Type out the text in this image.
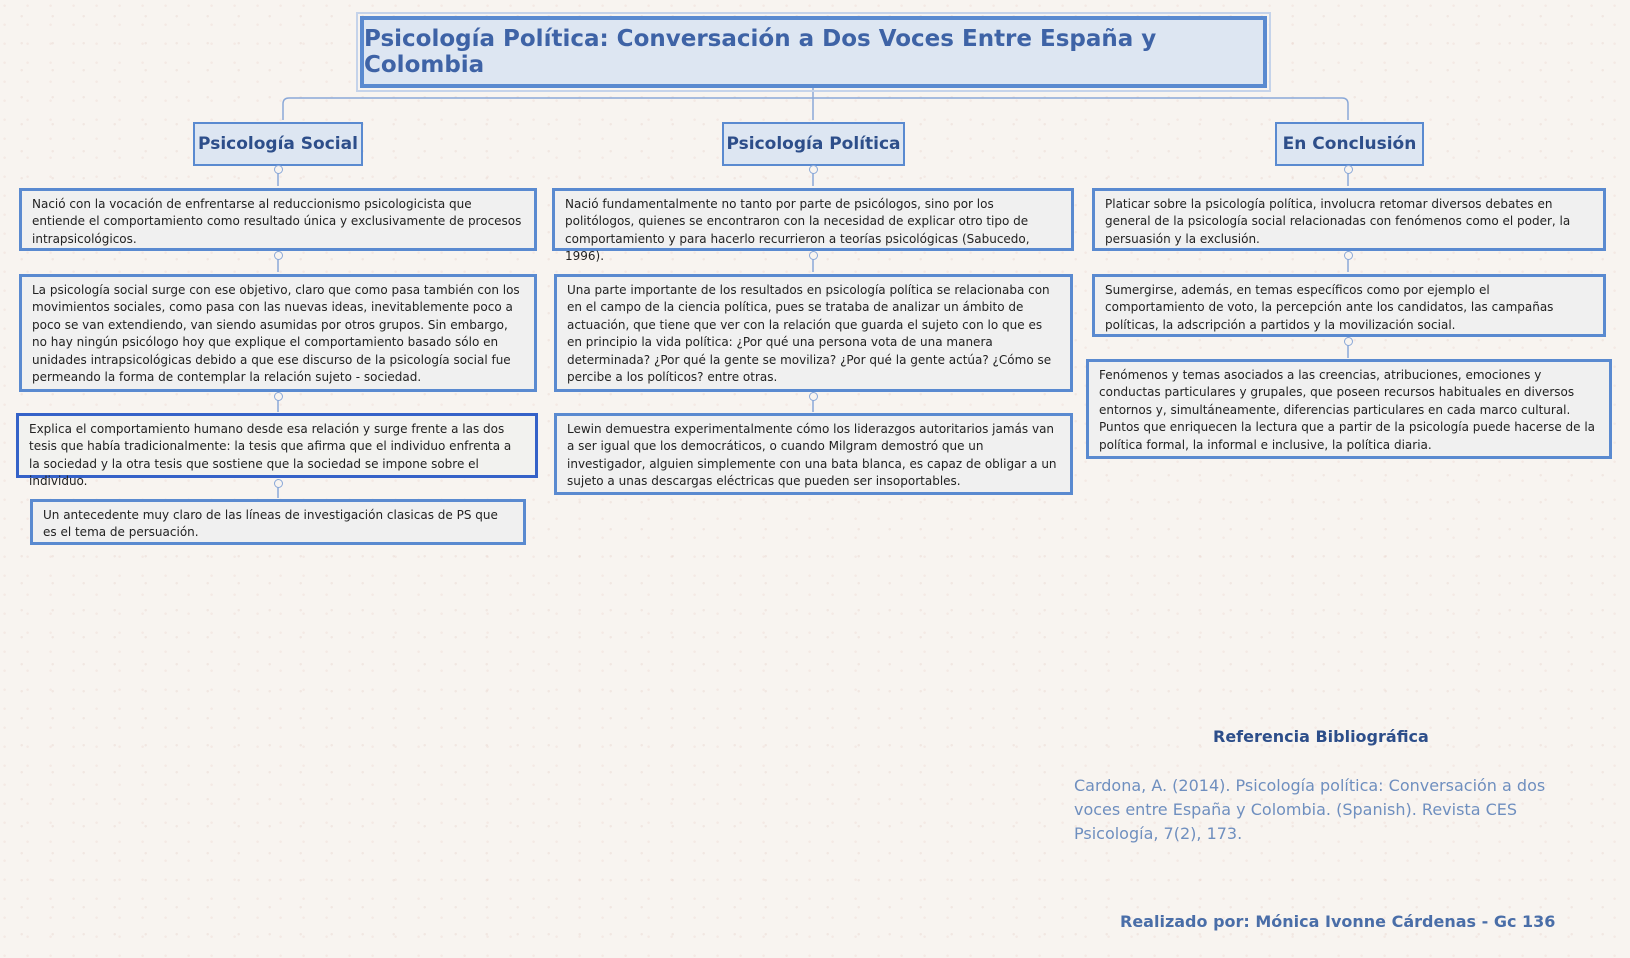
Psicología Política: Conversación a Dos Voces Entre España y Colombia
Psicología Social	Psicología Política	En Conclusión
Nació con la vocación de enfrentarse al reduccionismo psicologicista que entiende el comportamiento como resultado única y exclusivamente de procesos intrapsicológicos.
La psicología social surge con ese objetivo, claro que como pasa también con los movimientos sociales, como pasa con las nuevas ideas, inevitablemente poco a poco se van extendiendo, van siendo asumidas por otros grupos. Sin embargo, no hay ningún psicólogo hoy que explique el comportamiento basado sólo en unidades intrapsicológicas debido a que ese discurso de la psicología social fue permeando la forma de contemplar la relación sujeto - sociedad.
Explica el comportamiento humano desde esa relación y surge frente a las dos tesis que había tradicionalmente: la tesis que afirma que el individuo enfrenta a la sociedad y la otra tesis que sostiene que la sociedad se impone sobre el individuo.
Un antecedente muy claro de las líneas de investigación clasicas de PS que es el tema de persuación.
Nació fundamentalmente no tanto por parte de psicólogos, sino por los politólogos, quienes se encontraron con la necesidad de explicar otro tipo de comportamiento y para hacerlo recurrieron a teorías psicológicas (Sabucedo, 1996).
Una parte importante de los resultados en psicología política se relacionaba con en el campo de la ciencia política, pues se trataba de analizar un ámbito de actuación, que tiene que ver con la relación que guarda el sujeto con lo que es en principio la vida política: ¿Por qué una persona vota de una manera determinada? ¿Por qué la gente se moviliza? ¿Por qué la gente actúa? ¿Cómo se percibe a los políticos? entre otras.
Lewin demuestra experimentalmente cómo los liderazgos autoritarios jamás van a ser igual que los democráticos, o cuando Milgram demostró que un investigador, alguien simplemente con una bata blanca, es capaz de obligar a un sujeto a unas descargas eléctricas que pueden ser insoportables.
Platicar sobre la psicología política, involucra retomar diversos debates en general de la psicología social relacionadas con fenómenos como el poder, la persuasión y la exclusión.
Sumergirse, además, en temas específicos como por ejemplo el comportamiento de voto, la percepción ante los candidatos, las campañas políticas, la adscripción a partidos y la movilización social.
Fenómenos y temas asociados a las creencias, atribuciones, emociones y conductas particulares y grupales, que poseen recursos habituales en diversos entornos y, simultáneamente, diferencias particulares en cada marco cultural. Puntos que enriquecen la lectura que a partir de la psicología puede hacerse de la política formal, la informal e inclusive, la política diaria.
Referencia Bibliográfica
Cardona, A. (2014). Psicología política: Conversación a dos voces entre España y Colombia. (Spanish). Revista CES Psicología, 7(2), 173.
Realizado por: Mónica Ivonne Cárdenas - Gc 136
